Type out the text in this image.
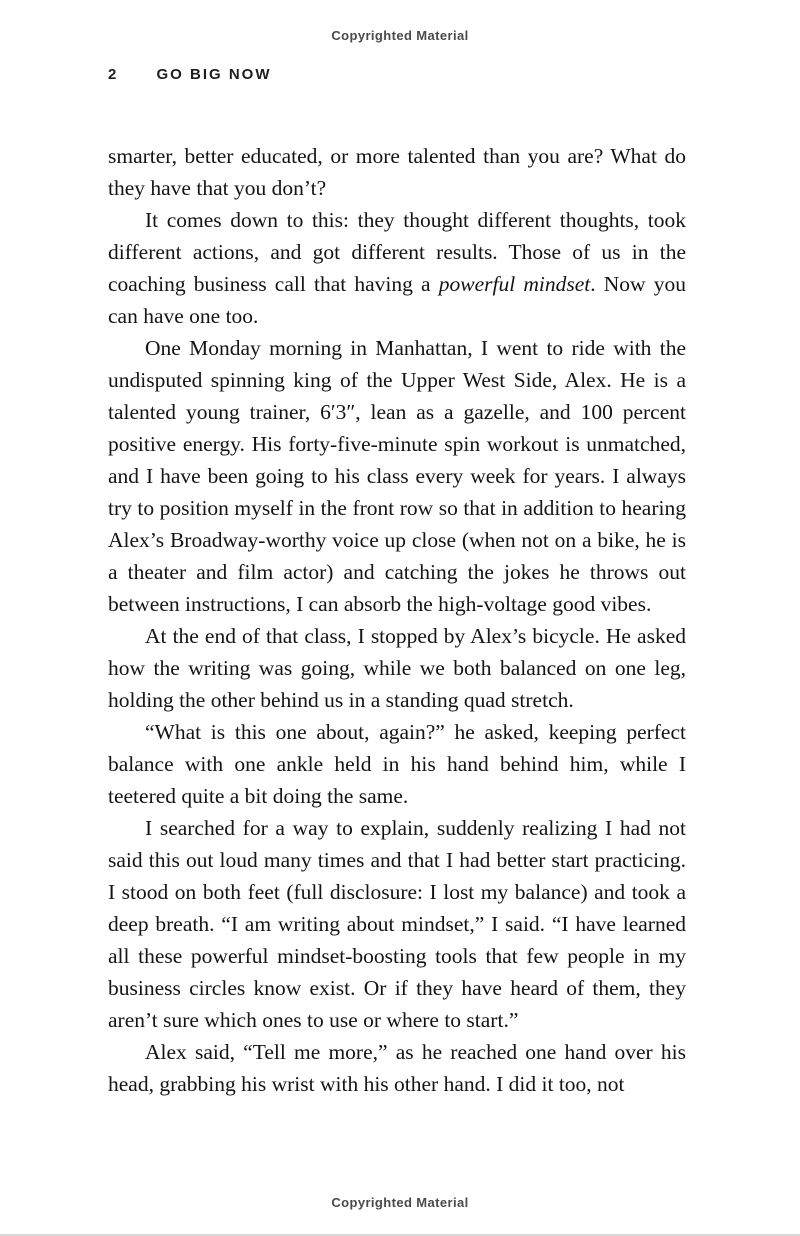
Copyrighted Material
2	GO BIG NOW

smarter, better educated, or more talented than you are? What do they have that you don’t?

It comes down to this: they thought different thoughts, took different actions, and got different results. Those of us in the coaching business call that having a powerful mindset. Now you can have one too.

One Monday morning in Manhattan, I went to ride with the undisputed spinning king of the Upper West Side, Alex. He is a talented young trainer, 6′3″, lean as a gazelle, and 100 percent positive energy. His forty-five-minute spin workout is unmatched, and I have been going to his class every week for years. I always try to position myself in the front row so that in addition to hearing Alex’s Broadway-worthy voice up close (when not on a bike, he is a theater and film actor) and catching the jokes he throws out between instructions, I can absorb the high-voltage good vibes.

At the end of that class, I stopped by Alex’s bicycle. He asked how the writing was going, while we both balanced on one leg, holding the other behind us in a standing quad stretch.

“What is this one about, again?” he asked, keeping perfect balance with one ankle held in his hand behind him, while I teetered quite a bit doing the same.

I searched for a way to explain, suddenly realizing I had not said this out loud many times and that I had better start practicing. I stood on both feet (full disclosure: I lost my balance) and took a deep breath. “I am writing about mindset,” I said. “I have learned all these powerful mindset-boosting tools that few people in my business circles know exist. Or if they have heard of them, they aren’t sure which ones to use or where to start.”

Alex said, “Tell me more,” as he reached one hand over his head, grabbing his wrist with his other hand. I did it too, not

Copyrighted Material
